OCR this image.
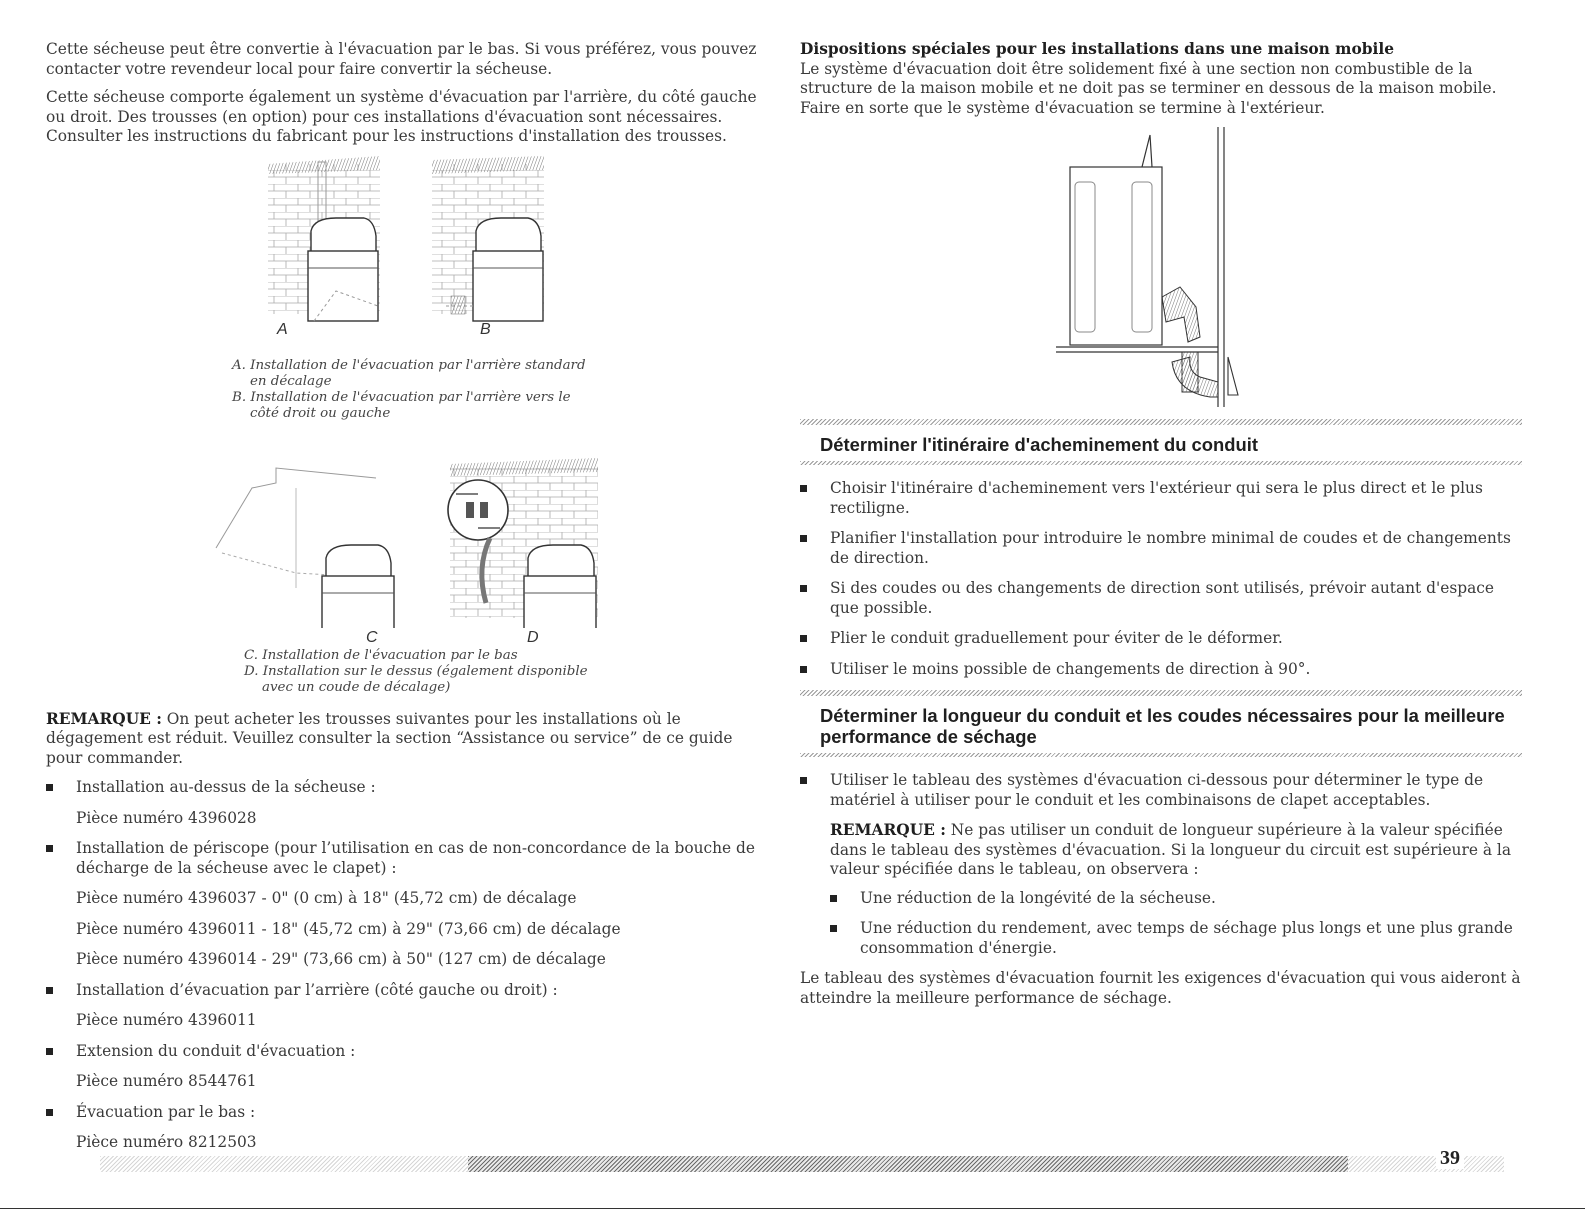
Cette sécheuse peut être convertie à l'évacuation par le bas. Si vous préférez, vous pouvez contacter votre revendeur local pour faire convertir la sécheuse.

Cette sécheuse comporte également un système d'évacuation par l'arrière, du côté gauche ou droit. Des trousses (en option) pour ces installations d'évacuation sont nécessaires. Consulter les instructions du fabricant pour les instructions d'installation des trousses.

A	B
A. Installation de l'évacuation par l'arrière standard
en décalage
B. Installation de l'évacuation par l'arrière vers le
côté droit ou gauche
C	D
C. Installation de l'évacuation par le bas
D. Installation sur le dessus (également disponible
avec un coude de décalage)

REMARQUE : On peut acheter les trousses suivantes pour les installations où le dégagement est réduit. Veuillez consulter la section “Assistance ou service” de ce guide pour commander.

Installation au-dessus de la sécheuse :
Pièce numéro 4396028
Installation de périscope (pour l’utilisation en cas de non-concordance de la bouche de décharge de la sécheuse avec le clapet) :
Pièce numéro 4396037 - 0" (0 cm) à 18" (45,72 cm) de décalage
Pièce numéro 4396011 - 18" (45,72 cm) à 29" (73,66 cm) de décalage
Pièce numéro 4396014 - 29" (73,66 cm) à 50" (127 cm) de décalage
Installation d’évacuation par l’arrière (côté gauche ou droit) :
Pièce numéro 4396011
Extension du conduit d'évacuation :
Pièce numéro 8544761
Évacuation par le bas :
Pièce numéro 8212503

Dispositions spéciales pour les installations dans une maison mobile
Le système d'évacuation doit être solidement fixé à une section non combustible de la structure de la maison mobile et ne doit pas se terminer en dessous de la maison mobile. Faire en sorte que le système d'évacuation se termine à l'extérieur.

Déterminer l'itinéraire d'acheminement du conduit
Choisir l'itinéraire d'acheminement vers l'extérieur qui sera le plus direct et le plus rectiligne.
Planifier l'installation pour introduire le nombre minimal de coudes et de changements de direction.
Si des coudes ou des changements de direction sont utilisés, prévoir autant d'espace que possible.
Plier le conduit graduellement pour éviter de le déformer.
Utiliser le moins possible de changements de direction à 90°.
Déterminer la longueur du conduit et les coudes nécessaires pour la meilleure
performance de séchage
Utiliser le tableau des systèmes d'évacuation ci-dessous pour déterminer le type de matériel à utiliser pour le conduit et les combinaisons de clapet acceptables.

REMARQUE : Ne pas utiliser un conduit de longueur supérieure à la valeur spécifiée dans le tableau des systèmes d'évacuation. Si la longueur du circuit est supérieure à la valeur spécifiée dans le tableau, on observera :

Une réduction de la longévité de la sécheuse.
Une réduction du rendement, avec temps de séchage plus longs et une plus grande consommation d'énergie.

Le tableau des systèmes d'évacuation fournit les exigences d'évacuation qui vous aideront à atteindre la meilleure performance de séchage.

39
